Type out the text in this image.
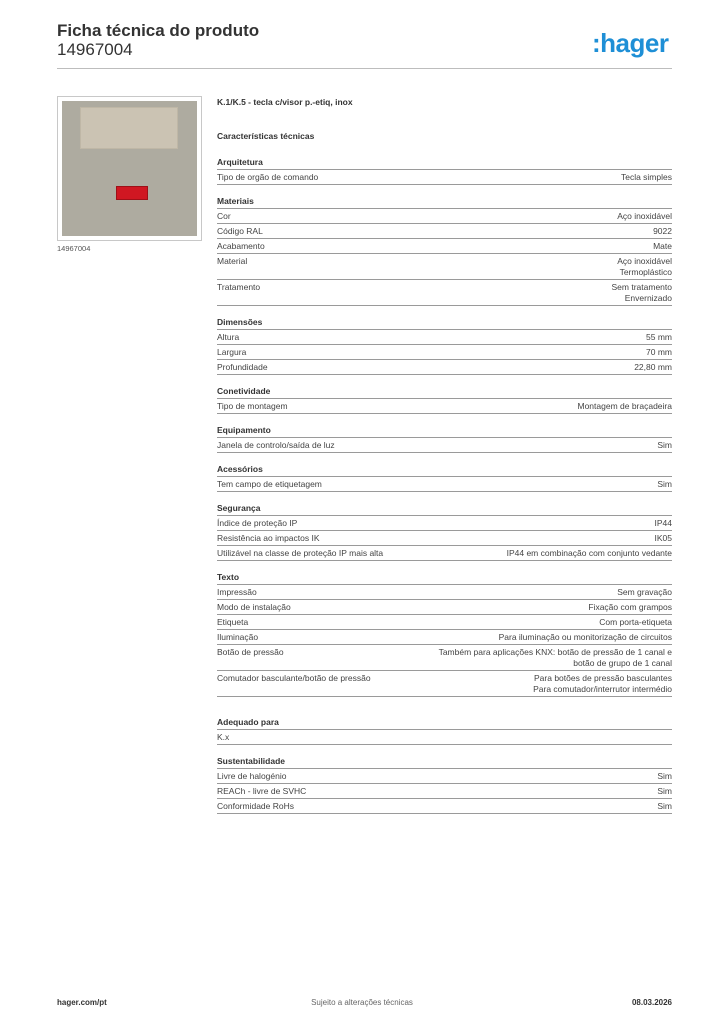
Ficha técnica do produto
14967004	:hager
14967004
K.1/K.5 - tecla c/visor p.-etiq, inox
Características técnicas
Arquitetura
Tipo de orgão de comando	Tecla simples
Materiais
Cor	Aço inoxidável
Código RAL	9022
Acabamento	Mate
Material	Aço inoxidável
Termoplástico
Tratamento	Sem tratamento
Envernizado
Dimensões
Altura	55 mm
Largura	70 mm
Profundidade	22,80 mm
Conetividade
Tipo de montagem	Montagem de braçadeira
Equipamento
Janela de controlo/saída de luz	Sim
Acessórios
Tem campo de etiquetagem	Sim
Segurança
Índice de proteção IP	IP44
Resistência ao impactos IK	IK05
Utilizável na classe de proteção IP mais alta	IP44 em combinação com conjunto vedante
Texto
Impressão	Sem gravação
Modo de instalação	Fixação com grampos
Etiqueta	Com porta-etiqueta
Iluminação	Para iluminação ou monitorização de circuitos
Botão de pressão	Também para aplicações KNX: botão de pressão de 1 canal e
botão de grupo de 1 canal
Comutador basculante/botão de pressão	Para botões de pressão basculantes
Para comutador/interrutor intermédio
Adequado para
K.x
Sustentabilidade
Livre de halogénio	Sim
REACh - livre de SVHC	Sim
Conformidade RoHs	Sim
hager.com/pt	Sujeito a alterações técnicas	08.03.2026
